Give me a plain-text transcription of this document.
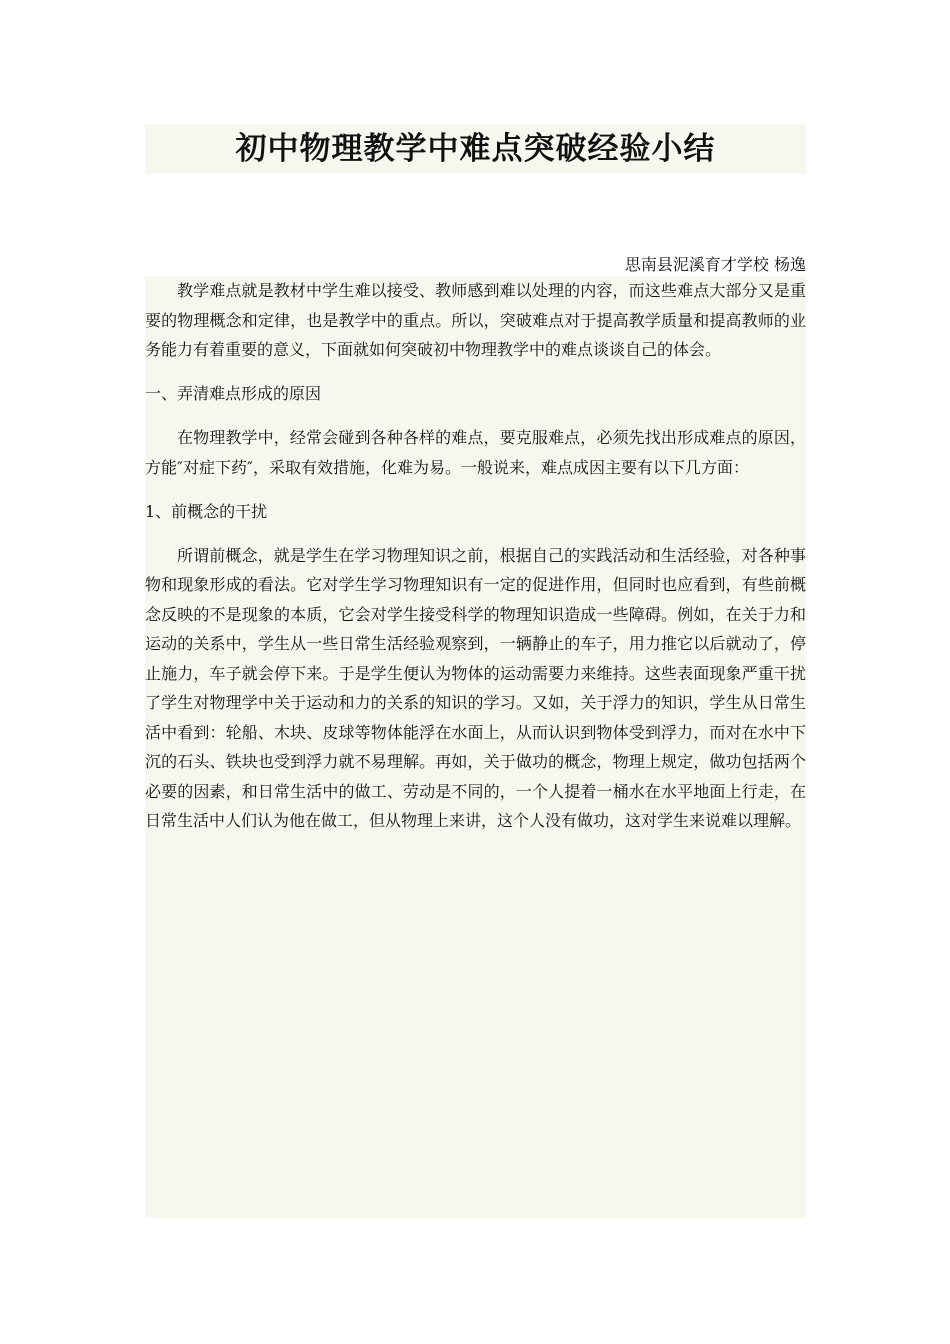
初中物理教学中难点突破经验小结
思南县泥溪育才学校 杨逸

教学难点就是教材中学生难以接受、教师感到难以处理的内容，而这些难点大部分又是重要的物理概念和定律，也是教学中的重点。所以，突破难点对于提高教学质量和提高教师的业务能力有着重要的意义，下面就如何突破初中物理教学中的难点谈谈自己的体会。

一、弄清难点形成的原因

在物理教学中，经常会碰到各种各样的难点，要克服难点，必须先找出形成难点的原因，方能″对症下药″，采取有效措施，化难为易。一般说来，难点成因主要有以下几方面：

1、前概念的干扰

所谓前概念，就是学生在学习物理知识之前，根据自己的实践活动和生活经验，对各种事物和现象形成的看法。它对学生学习物理知识有一定的促进作用，但同时也应看到，有些前概念反映的不是现象的本质，它会对学生接受科学的物理知识造成一些障碍。例如，在关于力和运动的关系中，学生从一些日常生活经验观察到，一辆静止的车子，用力推它以后就动了，停止施力，车子就会停下来。于是学生便认为物体的运动需要力来维持。这些表面现象严重干扰了学生对物理学中关于运动和力的关系的知识的学习。又如，关于浮力的知识，学生从日常生活中看到：轮船、木块、皮球等物体能浮在水面上，从而认识到物体受到浮力，而对在水中下沉的石头、铁块也受到浮力就不易理解。再如，关于做功的概念，物理上规定，做功包括两个必要的因素，和日常生活中的做工、劳动是不同的，一个人提着一桶水在水平地面上行走，在日常生活中人们认为他在做工，但从物理上来讲，这个人没有做功，这对学生来说难以理解。
